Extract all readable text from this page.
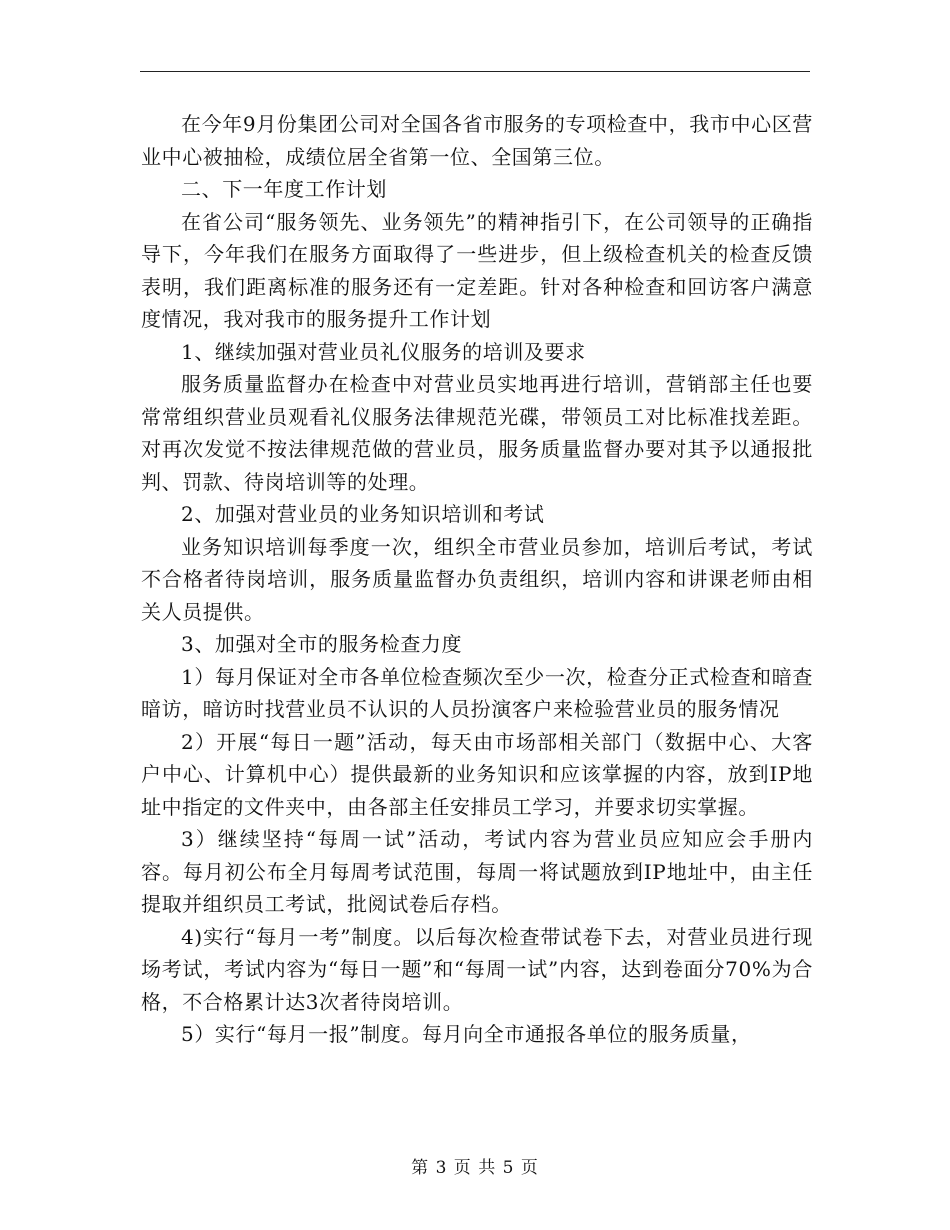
在今年9月份集团公司对全国各省市服务的专项检查中，我市中心区营业中心被抽检，成绩位居全省第一位、全国第三位。

二、下一年度工作计划

在省公司“服务领先、业务领先”的精神指引下，在公司领导的正确指导下，今年我们在服务方面取得了一些进步，但上级检查机关的检查反馈表明，我们距离标准的服务还有一定差距。针对各种检查和回访客户满意度情况，我对我市的服务提升工作计划

1、继续加强对营业员礼仪服务的培训及要求

服务质量监督办在检查中对营业员实地再进行培训，营销部主任也要常常组织营业员观看礼仪服务法律规范光碟，带领员工对比标准找差距。对再次发觉不按法律规范做的营业员，服务质量监督办要对其予以通报批判、罚款、待岗培训等的处理。

2、加强对营业员的业务知识培训和考试

业务知识培训每季度一次，组织全市营业员参加，培训后考试，考试不合格者待岗培训，服务质量监督办负责组织，培训内容和讲课老师由相关人员提供。

3、加强对全市的服务检查力度

1）每月保证对全市各单位检查频次至少一次，检查分正式检查和暗查暗访，暗访时找营业员不认识的人员扮演客户来检验营业员的服务情况

2）开展“每日一题”活动，每天由市场部相关部门（数据中心、大客户中心、计算机中心）提供最新的业务知识和应该掌握的内容，放到IP地址中指定的文件夹中，由各部主任安排员工学习，并要求切实掌握。

3）继续坚持“每周一试”活动，考试内容为营业员应知应会手册内容。每月初公布全月每周考试范围，每周一将试题放到IP地址中，由主任提取并组织员工考试，批阅试卷后存档。

4)实行“每月一考”制度。以后每次检查带试卷下去，对营业员进行现场考试，考试内容为“每日一题”和“每周一试”内容，达到卷面分70%为合格，不合格累计达3次者待岗培训。

5）实行“每月一报”制度。每月向全市通报各单位的服务质量，

第 3 页 共 5 页
